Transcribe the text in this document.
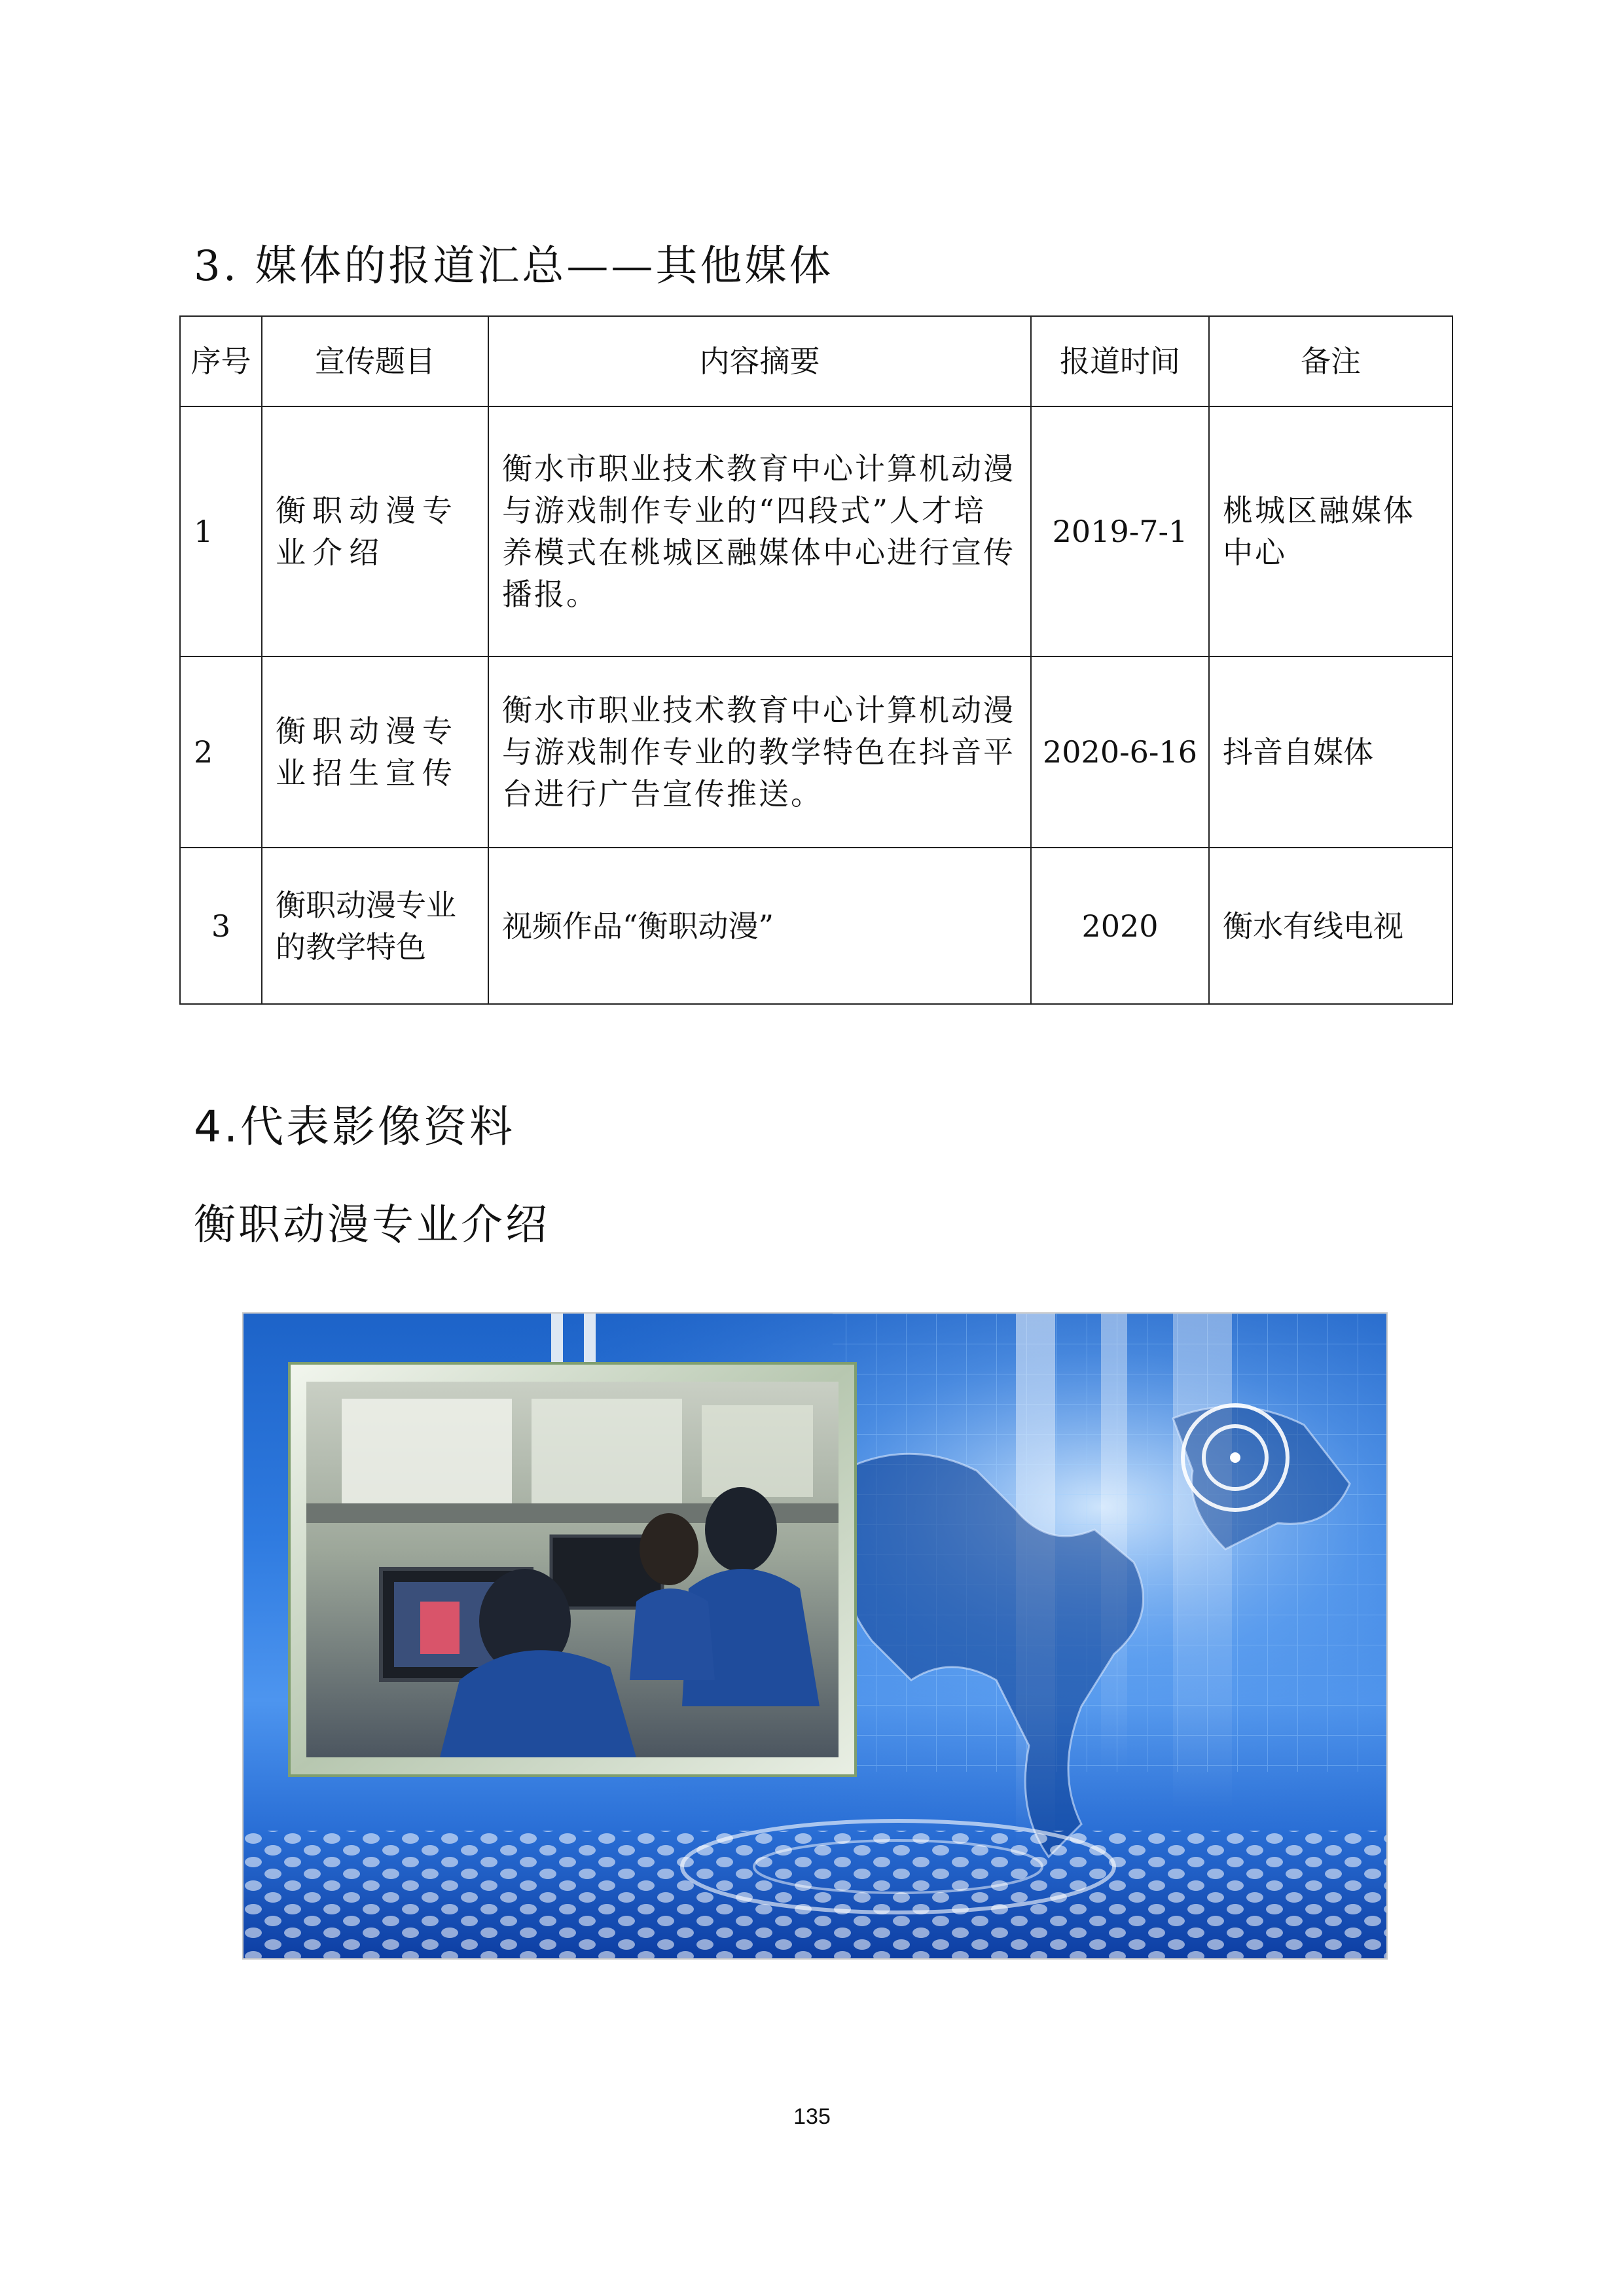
3. 媒体的报道汇总——其他媒体
序号	宣传题目	内容摘要	报道时间	备注
1	衡职动漫专业介绍	衡水市职业技术教育中心计算机动漫与游戏制作专业的“四段式”人才培养模式在桃城区融媒体中心进行宣传播报。	2019-7-1	桃城区融媒体中心
2	衡职动漫专业招生宣传	衡水市职业技术教育中心计算机动漫与游戏制作专业的教学特色在抖音平台进行广告宣传推送。	2020-6-16	抖音自媒体
3	衡职动漫专业的教学特色	视频作品“衡职动漫”	2020	衡水有线电视
4.代表影像资料
衡职动漫专业介绍
135
